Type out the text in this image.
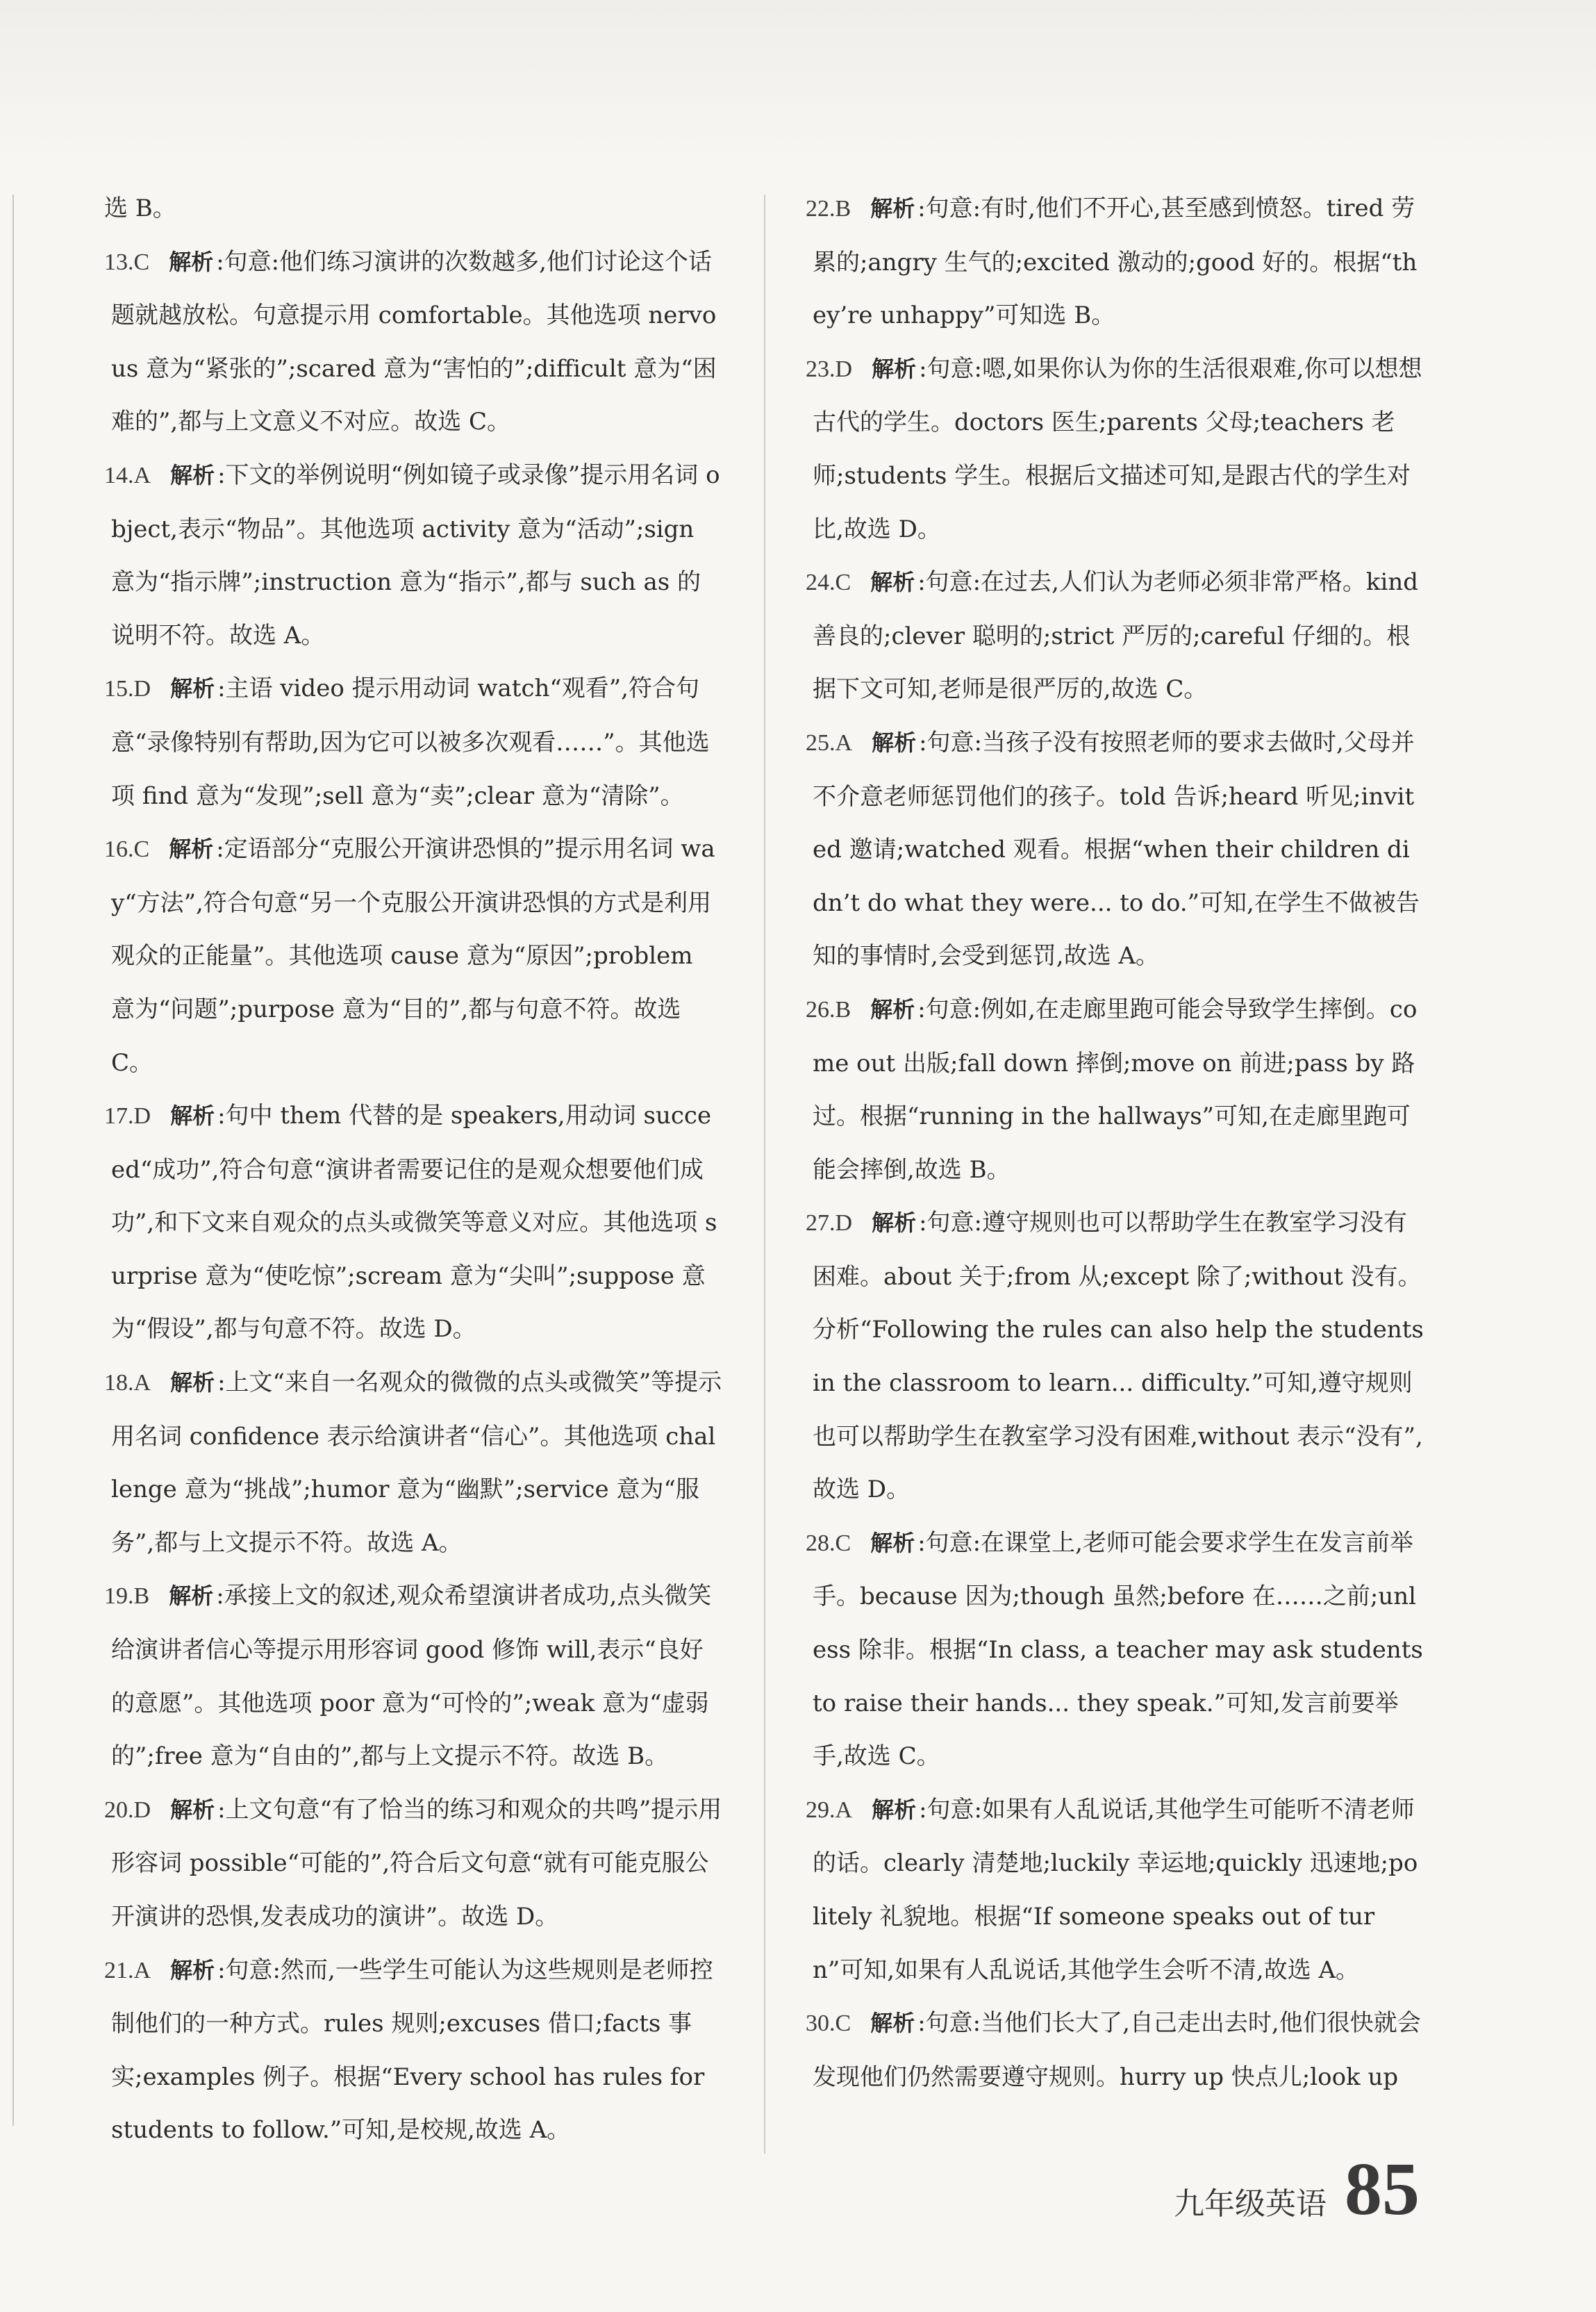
选 B。

13.C 解析 :句意:他们练习演讲的次数越多,他们讨论这个话题就越放松。句意提示用 comfortable。其他选项 nervous 意为“紧张的”;scared 意为“害怕的”;difficult 意为“困难的”,都与上文意义不对应。故选 C。

14.A 解析 :下文的举例说明“例如镜子或录像”提示用名词 object,表示“物品”。其他选项 activity 意为“活动”;sign 意为“指示牌”;instruction 意为“指示”,都与 such as 的说明不符。故选 A。

15.D 解析 :主语 video 提示用动词 watch“观看”,符合句意“录像特别有帮助,因为它可以被多次观看……”。其他选项 find 意为“发现”;sell 意为“卖”;clear 意为“清除”。

16.C 解析 :定语部分“克服公开演讲恐惧的”提示用名词 way“方法”,符合句意“另一个克服公开演讲恐惧的方式是利用观众的正能量”。其他选项 cause 意为“原因”;problem 意为“问题”;purpose 意为“目的”,都与句意不符。故选 C。

17.D 解析 :句中 them 代替的是 speakers,用动词 succeed“成功”,符合句意“演讲者需要记住的是观众想要他们成功”,和下文来自观众的点头或微笑等意义对应。其他选项 surprise 意为“使吃惊”;scream 意为“尖叫”;suppose 意为“假设”,都与句意不符。故选 D。

18.A 解析 :上文“来自一名观众的微微的点头或微笑”等提示用名词 confidence 表示给演讲者“信心”。其他选项 challenge 意为“挑战”;humor 意为“幽默”;service 意为“服务”,都与上文提示不符。故选 A。

19.B 解析 :承接上文的叙述,观众希望演讲者成功,点头微笑给演讲者信心等提示用形容词 good 修饰 will,表示“良好的意愿”。其他选项 poor 意为“可怜的”;weak 意为“虚弱的”;free 意为“自由的”,都与上文提示不符。故选 B。

20.D 解析 :上文句意“有了恰当的练习和观众的共鸣”提示用形容词 possible“可能的”,符合后文句意“就有可能克服公开演讲的恐惧,发表成功的演讲”。故选 D。

21.A 解析 :句意:然而,一些学生可能认为这些规则是老师控制他们的一种方式。rules 规则;excuses 借口;facts 事实;examples 例子。根据“Every school has rules for students to follow.”可知,是校规,故选 A。

22.B 解析 :句意:有时,他们不开心,甚至感到愤怒。tired 劳累的;angry 生气的;excited 激动的;good 好的。根据“they’re unhappy”可知选 B。

23.D 解析 :句意:嗯,如果你认为你的生活很艰难,你可以想想古代的学生。doctors 医生;parents 父母;teachers 老师;students 学生。根据后文描述可知,是跟古代的学生对比,故选 D。

24.C 解析 :句意:在过去,人们认为老师必须非常严格。kind 善良的;clever 聪明的;strict 严厉的;careful 仔细的。根据下文可知,老师是很严厉的,故选 C。

25.A 解析 :句意:当孩子没有按照老师的要求去做时,父母并不介意老师惩罚他们的孩子。told 告诉;heard 听见;invited 邀请;watched 观看。根据“when their children didn’t do what they were... to do.”可知,在学生不做被告知的事情时,会受到惩罚,故选 A。

26.B 解析 :句意:例如,在走廊里跑可能会导致学生摔倒。come out 出版;fall down 摔倒;move on 前进;pass by 路过。根据“running in the hallways”可知,在走廊里跑可能会摔倒,故选 B。

27.D 解析 :句意:遵守规则也可以帮助学生在教室学习没有困难。about 关于;from 从;except 除了;without 没有。分析“Following the rules can also help the students in the classroom to learn... difficulty.”可知,遵守规则也可以帮助学生在教室学习没有困难,without 表示“没有”,故选 D。

28.C 解析 :句意:在课堂上,老师可能会要求学生在发言前举手。because 因为;though 虽然;before 在……之前;unless 除非。根据“In class, a teacher may ask students to raise their hands... they speak.”可知,发言前要举手,故选 C。

29.A 解析 :句意:如果有人乱说话,其他学生可能听不清老师的话。clearly 清楚地;luckily 幸运地;quickly 迅速地;politely 礼貌地。根据“If someone speaks out of turn”可知,如果有人乱说话,其他学生会听不清,故选 A。

30.C 解析 :句意:当他们长大了,自己走出去时,他们很快就会发现他们仍然需要遵守规则。hurry up 快点儿;look up

九年级英语 85
